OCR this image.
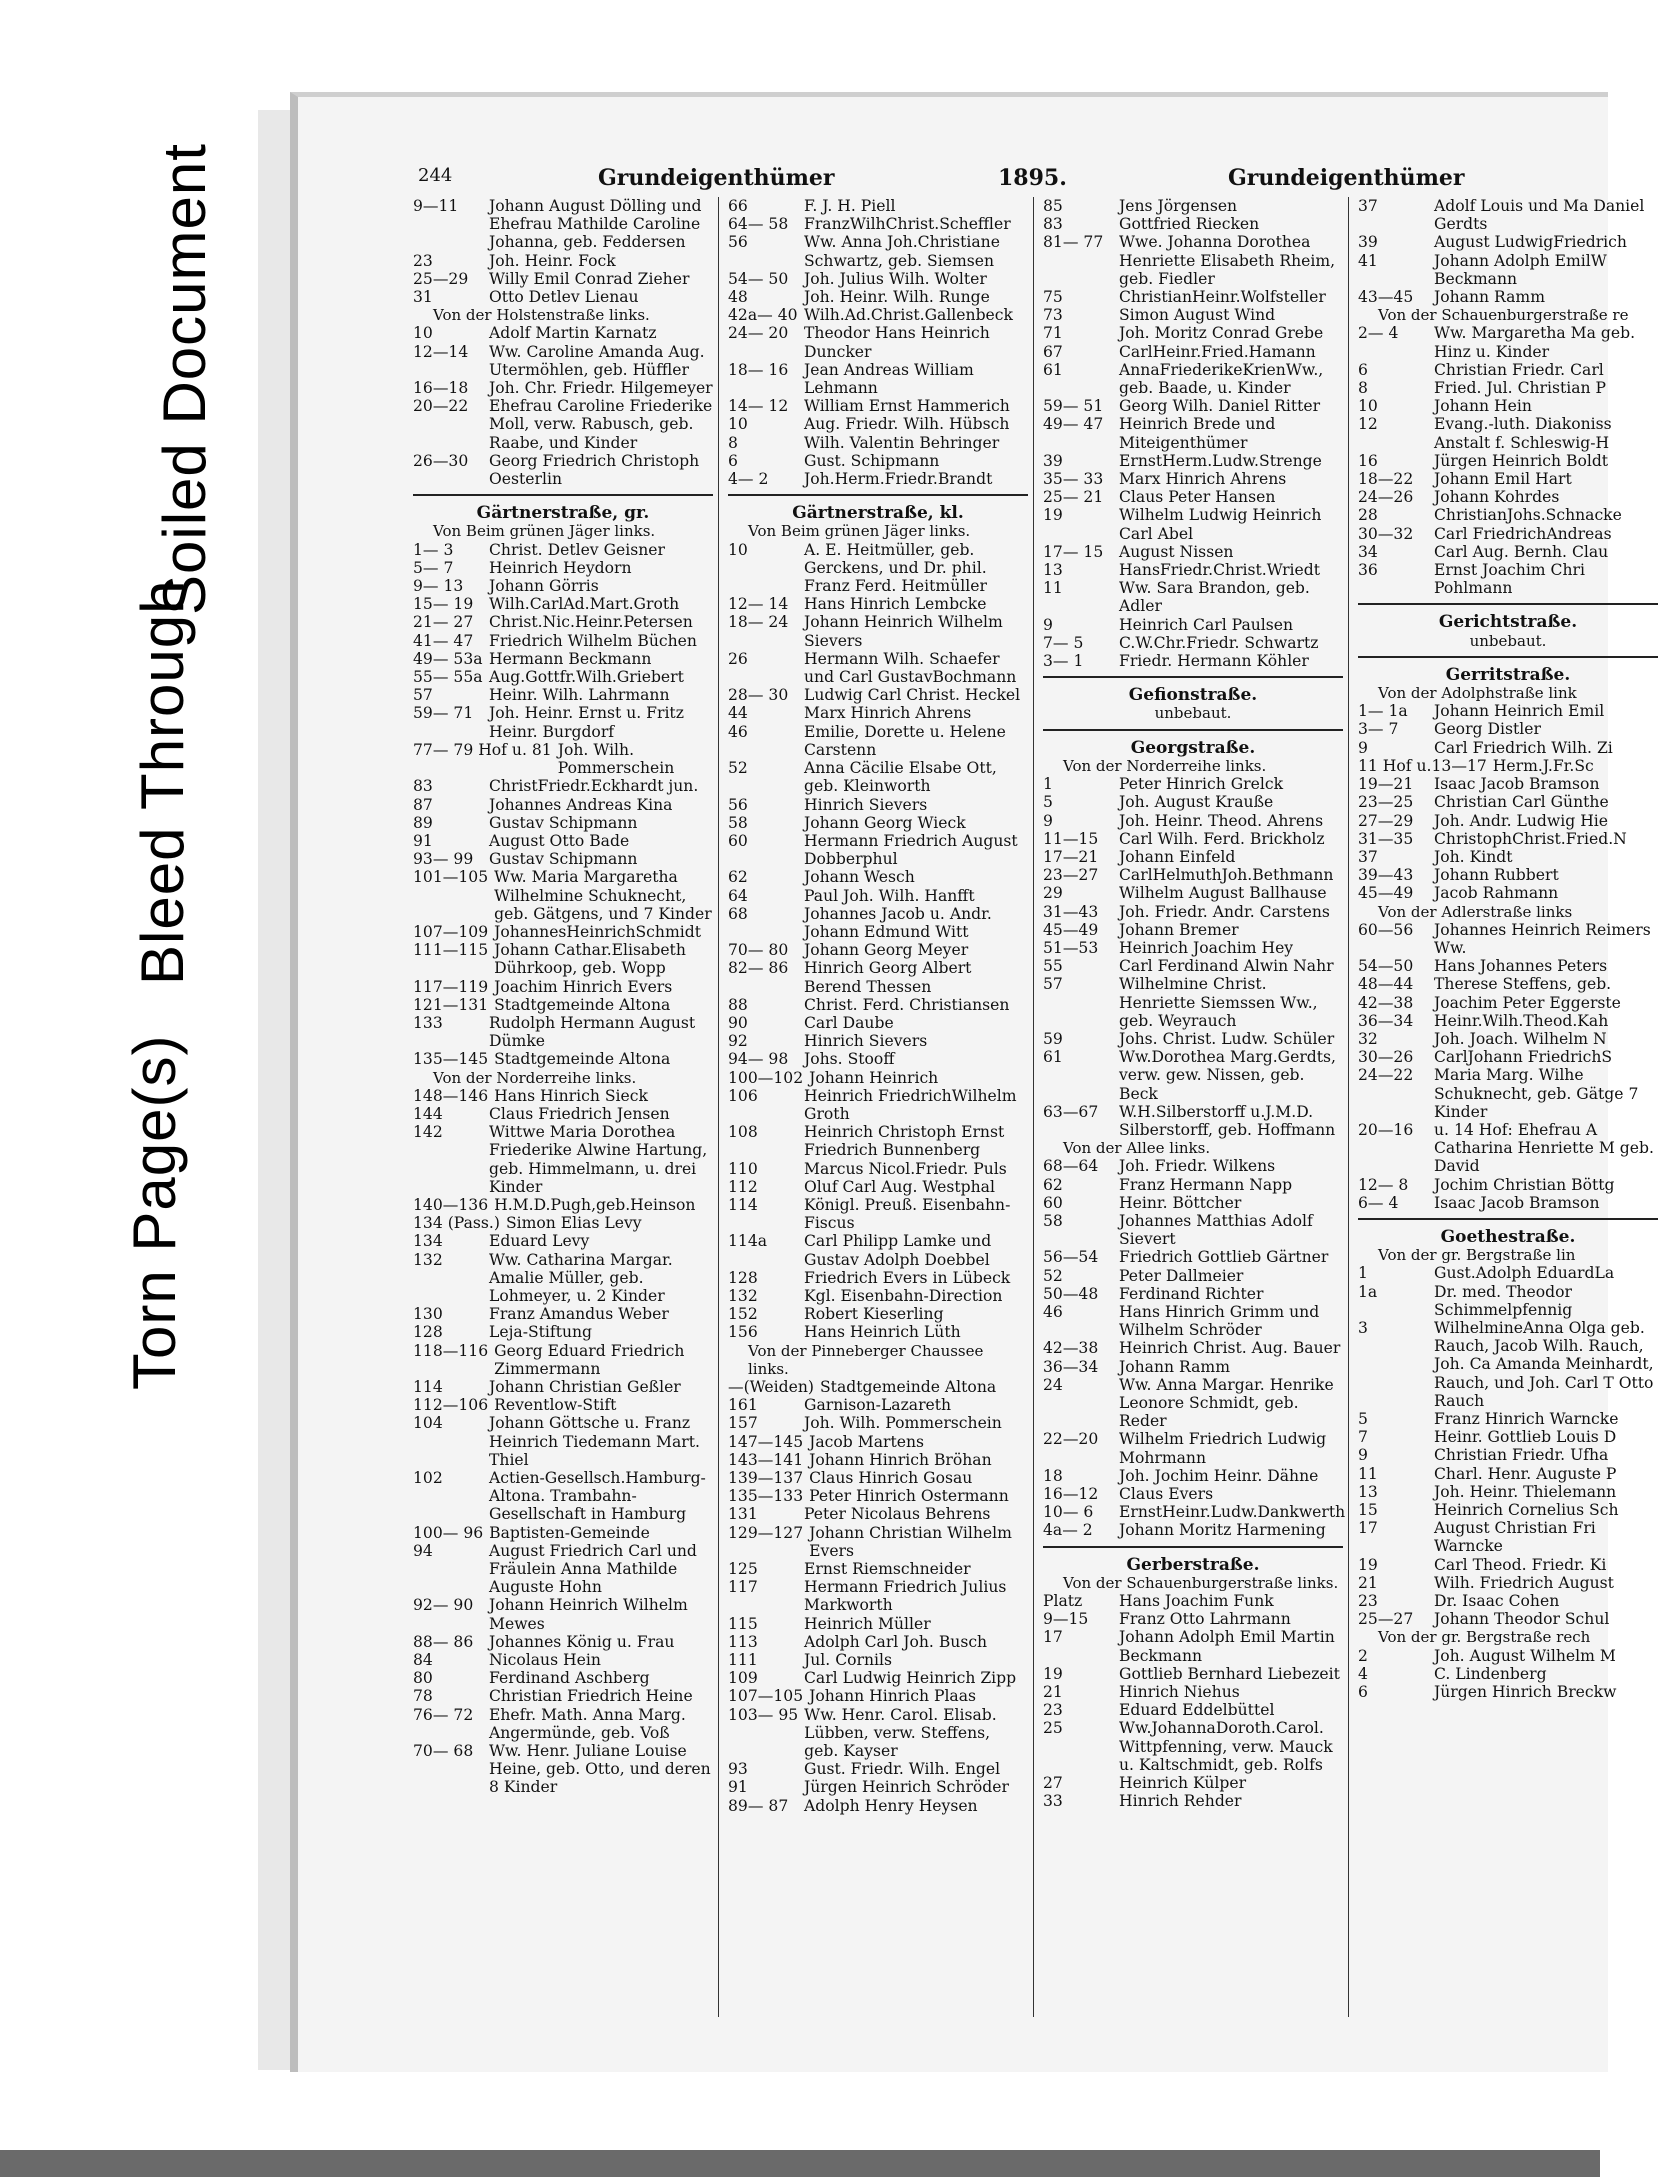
Torn Page(s)
Bleed Through
Soiled Document	244	Grundeigenthümer	1895.	Grundeigenthümer
9—11	Johann August Dölling und Ehefrau Mathilde Caroline Johanna, geb. Feddersen
23	Joh. Heinr. Fock
25—29	Willy Emil Conrad Zieher
31	Otto Detlev Lienau
Von der Holstenstraße links.
10	Adolf Martin Karnatz
12—14	Ww. Caroline Amanda Aug. Utermöhlen, geb. Hüffler
16—18	Joh. Chr. Friedr. Hilgemeyer
20—22	Ehefrau Caroline Friederike Moll, verw. Rabusch, geb. Raabe, und Kinder
26—30	Georg Friedrich Christoph Oesterlin
Gärtnerstraße, gr.
Von Beim grünen Jäger links.
1— 3	Christ. Detlev Geisner
5— 7	Heinrich Heydorn
9— 13	Johann Görris
15— 19	Wilh.CarlAd.Mart.Groth
21— 27	Christ.Nic.Heinr.Petersen
41— 47	Friedrich Wilhelm Büchen
49— 53a Hermann Beckmann
55— 55a Aug.Gottfr.Wilh.Griebert
57	Heinr. Wilh. Lahrmann
59— 71	Joh. Heinr. Ernst u. Fritz Heinr. Burgdorf
77— 79 Hof u. 81 Joh. Wilh. Pommerschein
83	ChristFriedr.Eckhardt jun.
87	Johannes Andreas Kina
89	Gustav Schipmann
91	August Otto Bade
93— 99	Gustav Schipmann
101—105 Ww. Maria Margaretha Wilhelmine Schuknecht, geb. Gätgens, und 7 Kinder
107—109 JohannesHeinrichSchmidt
111—115 Johann Cathar.Elisabeth Dührkoop, geb. Wopp
117—119 Joachim Hinrich Evers
121—131 Stadtgemeinde Altona
133	Rudolph Hermann August Dümke
135—145 Stadtgemeinde Altona
Von der Norderreihe links.
148—146 Hans Hinrich Sieck
144	Claus Friedrich Jensen
142	Wittwe Maria Dorothea Friederike Alwine Hartung, geb. Himmelmann, u. drei Kinder
140—136 H.M.D.Pugh,geb.Heinson
134 (Pass.) Simon Elias Levy
134	Eduard Levy
132	Ww. Catharina Margar. Amalie Müller, geb. Lohmeyer, u. 2 Kinder
130	Franz Amandus Weber
128	Leja-Stiftung
118—116 Georg Eduard Friedrich Zimmermann
114	Johann Christian Geßler
112—106 Reventlow-Stift
104	Johann Göttsche u. Franz Heinrich Tiedemann Mart. Thiel
102	Actien-Gesellsch.Hamburg-Altona. Trambahn-Gesellschaft in Hamburg
100— 96 Baptisten-Gemeinde
94	August Friedrich Carl und Fräulein Anna Mathilde Auguste Hohn
92— 90	Johann Heinrich Wilhelm Mewes
88— 86	Johannes König u. Frau
84	Nicolaus Hein
80	Ferdinand Aschberg
78	Christian Friedrich Heine
76— 72	Ehefr. Math. Anna Marg. Angermünde, geb. Voß
70— 68	Ww. Henr. Juliane Louise Heine, geb. Otto, und deren 8 Kinder
66	F. J. H. Piell
64— 58	FranzWilhChrist.Scheffler
56	Ww. Anna Joh.Christiane Schwartz, geb. Siemsen
54— 50	Joh. Julius Wilh. Wolter
48	Joh. Heinr. Wilh. Runge
42a— 40 Wilh.Ad.Christ.Gallenbeck
24— 20	Theodor Hans Heinrich Duncker
18— 16	Jean Andreas William Lehmann
14— 12	William Ernst Hammerich
10	Aug. Friedr. Wilh. Hübsch
8	Wilh. Valentin Behringer
6	Gust. Schipmann
4— 2	Joh.Herm.Friedr.Brandt
Gärtnerstraße, kl.
Von Beim grünen Jäger links.
10	A. E. Heitmüller, geb. Gerckens, und Dr. phil. Franz Ferd. Heitmüller
12— 14	Hans Hinrich Lembcke
18— 24	Johann Heinrich Wilhelm Sievers
26	Hermann Wilh. Schaefer und Carl GustavBochmann
28— 30	Ludwig Carl Christ. Heckel
44	Marx Hinrich Ahrens
46	Emilie, Dorette u. Helene Carstenn
52	Anna Cäcilie Elsabe Ott, geb. Kleinworth
56	Hinrich Sievers
58	Johann Georg Wieck
60	Hermann Friedrich August Dobberphul
62	Johann Wesch
64	Paul Joh. Wilh. Hanfft
68	Johannes Jacob u. Andr. Johann Edmund Witt
70— 80	Johann Georg Meyer
82— 86	Hinrich Georg Albert Berend Thessen
88	Christ. Ferd. Christiansen
90	Carl Daube
92	Hinrich Sievers
94— 98	Johs. Stooff
100—102 Johann Heinrich
106	Heinrich FriedrichWilhelm Groth
108	Heinrich Christoph Ernst Friedrich Bunnenberg
110	Marcus Nicol.Friedr. Puls
112	Oluf Carl Aug. Westphal
114	Königl. Preuß. Eisenbahn-Fiscus
114a	Carl Philipp Lamke und Gustav Adolph Doebbel
128	Friedrich Evers in Lübeck
132	Kgl. Eisenbahn-Direction
152	Robert Kieserling
156	Hans Heinrich Lüth
Von der Pinneberger Chaussee links.
—(Weiden) Stadtgemeinde Altona
161	Garnison-Lazareth
157	Joh. Wilh. Pommerschein
147—145 Jacob Martens
143—141 Johann Hinrich Bröhan
139—137 Claus Hinrich Gosau
135—133 Peter Hinrich Ostermann
131	Peter Nicolaus Behrens
129—127 Johann Christian Wilhelm Evers
125	Ernst Riemschneider
117	Hermann Friedrich Julius Markworth
115	Heinrich Müller
113	Adolph Carl Joh. Busch
111	Jul. Cornils
109	Carl Ludwig Heinrich Zipp
107—105 Johann Hinrich Plaas
103— 95 Ww. Henr. Carol. Elisab. Lübben, verw. Steffens, geb. Kayser
93	Gust. Friedr. Wilh. Engel
91	Jürgen Heinrich Schröder
89— 87	Adolph Henry Heysen
85	Jens Jörgensen
83	Gottfried Riecken
81— 77	Wwe. Johanna Dorothea Henriette Elisabeth Rheim, geb. Fiedler
75	ChristianHeinr.Wolfsteller
73	Simon August Wind
71	Joh. Moritz Conrad Grebe
67	CarlHeinr.Fried.Hamann
61	AnnaFriederikeKrienWw., geb. Baade, u. Kinder
59— 51	Georg Wilh. Daniel Ritter
49— 47	Heinrich Brede und Miteigenthümer
39	ErnstHerm.Ludw.Strenge
35— 33	Marx Hinrich Ahrens
25— 21	Claus Peter Hansen
19	Wilhelm Ludwig Heinrich Carl Abel
17— 15	August Nissen
13	HansFriedr.Christ.Wriedt
11	Ww. Sara Brandon, geb. Adler
9	Heinrich Carl Paulsen
7— 5	C.W.Chr.Friedr. Schwartz
3— 1	Friedr. Hermann Köhler
Gefionstraße.
unbebaut.
Georgstraße.
Von der Norderreihe links.
1	Peter Hinrich Grelck
5	Joh. August Krauße
9	Joh. Heinr. Theod. Ahrens
11—15	Carl Wilh. Ferd. Brickholz
17—21	Johann Einfeld
23—27	CarlHelmuthJoh.Bethmann
29	Wilhelm August Ballhause
31—43	Joh. Friedr. Andr. Carstens
45—49	Johann Bremer
51—53	Heinrich Joachim Hey
55	Carl Ferdinand Alwin Nahr
57	Wilhelmine Christ. Henriette Siemssen Ww., geb. Weyrauch
59	Johs. Christ. Ludw. Schüler
61	Ww.Dorothea Marg.Gerdts, verw. gew. Nissen, geb. Beck
63—67	W.H.Silberstorff u.J.M.D. Silberstorff, geb. Hoffmann
Von der Allee links.
68—64	Joh. Friedr. Wilkens
62	Franz Hermann Napp
60	Heinr. Böttcher
58	Johannes Matthias Adolf Sievert
56—54	Friedrich Gottlieb Gärtner
52	Peter Dallmeier
50—48	Ferdinand Richter
46	Hans Hinrich Grimm und Wilhelm Schröder
42—38	Heinrich Christ. Aug. Bauer
36—34	Johann Ramm
24	Ww. Anna Margar. Henrike Leonore Schmidt, geb. Reder
22—20	Wilhelm Friedrich Ludwig Mohrmann
18	Joh. Jochim Heinr. Dähne
16—12	Claus Evers
10— 6	ErnstHeinr.Ludw.Dankwerth
4a— 2	Johann Moritz Harmening
Gerberstraße.
Von der Schauenburgerstraße links.
Platz	Hans Joachim Funk
9—15	Franz Otto Lahrmann
17	Johann Adolph Emil Martin Beckmann
19	Gottlieb Bernhard Liebezeit
21	Hinrich Niehus
23	Eduard Eddelbüttel
25	Ww.JohannaDoroth.Carol. Wittpfenning, verw. Mauck u. Kaltschmidt, geb. Rolfs
27	Heinrich Külper
33	Hinrich Rehder
37	Adolf Louis und Ma Daniel Gerdts
39	August LudwigFriedrich
41	Johann Adolph EmilW Beckmann
43—45	Johann Ramm
Von der Schauenburgerstraße re
2— 4	Ww. Margaretha Ma geb. Hinz u. Kinder
6	Christian Friedr. Carl
8	Fried. Jul. Christian P
10	Johann Hein
12	Evang.-luth. Diakoniss Anstalt f. Schleswig-H
16	Jürgen Heinrich Boldt
18—22	Johann Emil Hart
24—26	Johann Kohrdes
28	ChristianJohs.Schnacke
30—32	Carl FriedrichAndreas
34	Carl Aug. Bernh. Clau
36	Ernst Joachim Chri Pohlmann
Gerichtstraße.
unbebaut.
Gerritstraße.
Von der Adolphstraße link
1— 1a	Johann Heinrich Emil
3— 7	Georg Distler
9	Carl Friedrich Wilh. Zi
11 Hof u.13—17 Herm.J.Fr.Sc
19—21	Isaac Jacob Bramson
23—25	Christian Carl Günthe
27—29	Joh. Andr. Ludwig Hie
31—35	ChristophChrist.Fried.N
37	Joh. Kindt
39—43	Johann Rubbert
45—49	Jacob Rahmann
Von der Adlerstraße links
60—56	Johannes Heinrich Reimers Ww.
54—50	Hans Johannes Peters
48—44	Therese Steffens, geb.
42—38	Joachim Peter Eggerste
36—34	Heinr.Wilh.Theod.Kah
32	Joh. Joach. Wilhelm N
30—26	CarlJohann FriedrichS
24—22	Maria Marg. Wilhe Schuknecht, geb. Gätge 7 Kinder
20—16	u. 14 Hof: Ehefrau A Catharina Henriette M geb. David
12— 8	Jochim Christian Böttg
6— 4	Isaac Jacob Bramson
Goethestraße.
Von der gr. Bergstraße lin
1	Gust.Adolph EduardLa
1a	Dr. med. Theodor Schimmelpfennig
3	WilhelmineAnna Olga geb. Rauch, Jacob Wilh. Rauch, Joh. Ca Amanda Meinhardt, Rauch, und Joh. Carl T Otto Rauch
5	Franz Hinrich Warncke
7	Heinr. Gottlieb Louis D
9	Christian Friedr. Ufha
11	Charl. Henr. Auguste P
13	Joh. Heinr. Thielemann
15	Heinrich Cornelius Sch
17	August Christian Fri Warncke
19	Carl Theod. Friedr. Ki
21	Wilh. Friedrich August
23	Dr. Isaac Cohen
25—27	Johann Theodor Schul
Von der gr. Bergstraße rech
2	Joh. August Wilhelm M
4	C. Lindenberg
6	Jürgen Hinrich Breckw
